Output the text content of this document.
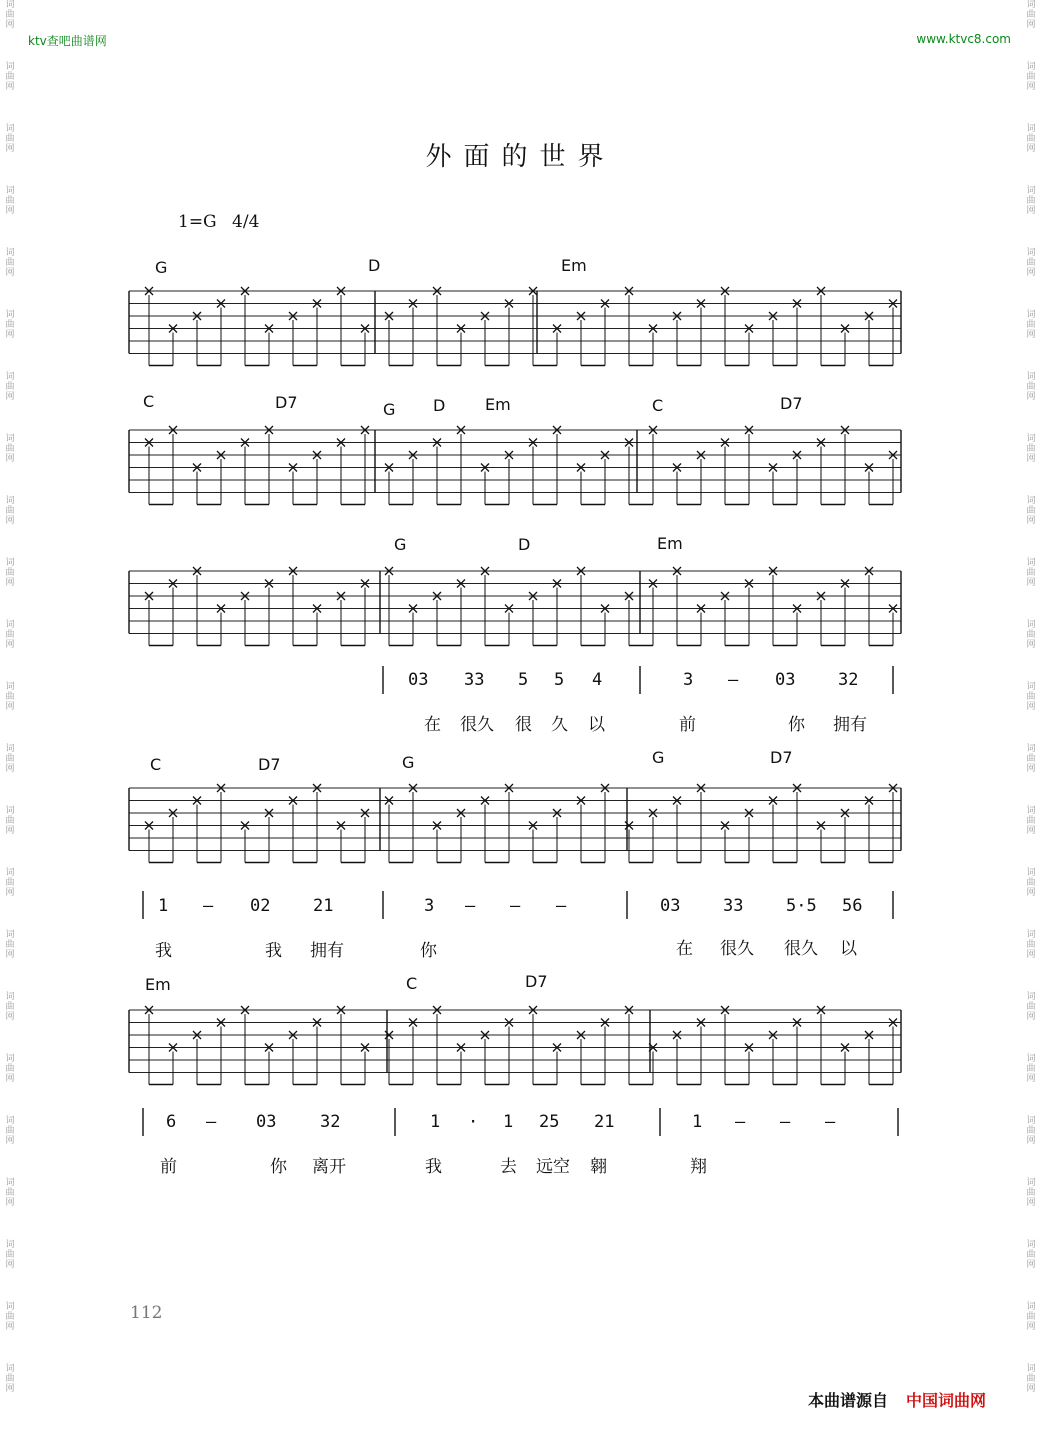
词
曲
网
词
曲
网
词
曲
网
词
曲
网
词
曲
网
词
曲
网
词
曲
网
词
曲
网
词
曲
网
词
曲
网
词
曲
网
词
曲
网
词
曲
网
词
曲
网
词
曲
网
词
曲
网
词
曲
网
词
曲
网
词
曲
网
词
曲
网
词
曲
网
词
曲
网
词
曲
网
词
曲
网
词
曲
网
词
曲
网
词
曲
网
词
曲
网
词
曲
网
词
曲
网
词
曲
网
词
曲
网
词
曲
网
词
曲
网
词
曲
网
词
曲
网
词
曲
网
词
曲
网
词
曲
网
词
曲
网
词
曲
网
词
曲
网
词
曲
网
词
曲
网
词
曲
网
词
曲
网
ktv查吧曲谱网	www.ktvc8.com
外面的世界
1=G 4/4
G	D	Em
C	D7	G D Em	C	D7
G	D	Em
03 33 5 5 4	3 — 03	32
在 很久 很 久 以	前	你 拥有
C	D7	G	G	D7
1 — 02	21	3 — — —	03	33	5·5 56
我	我 拥有	你	在 很久 很久 以
Em	C	D7
6 — 03	32	1 · 1 25 21	1 — — —
前	你 离开	我	去 远空 翱	翔
112
本曲谱源自 中国词曲网
